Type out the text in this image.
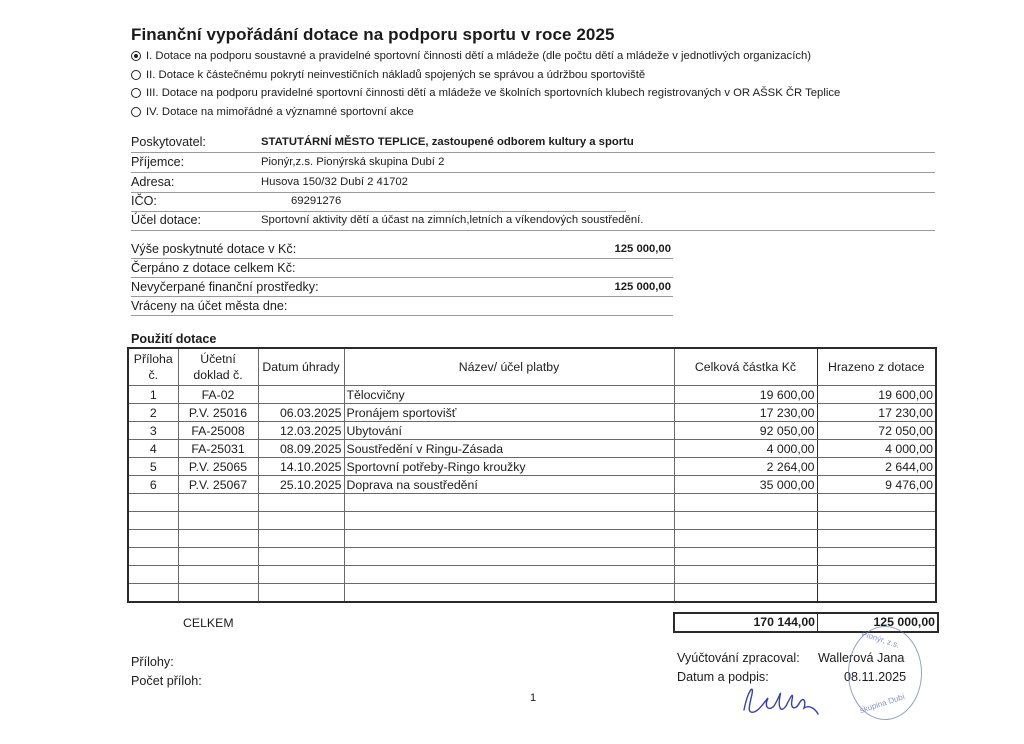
Finanční vypořádání dotace na podporu sportu v roce 2025
I. Dotace na podporu soustavné a pravidelné sportovní činnosti dětí a mládeže (dle počtu dětí a mládeže v jednotlivých organizacích)
II. Dotace k částečnému pokrytí neinvestičních nákladů spojených se správou a údržbou sportoviště
III. Dotace na podporu pravidelné sportovní činnosti dětí a mládeže ve školních sportovních klubech registrovaných v OR AŠSK ČR Teplice
IV. Dotace na mimořádné a významné sportovní akce
Poskytovatel:	STATUTÁRNÍ MĚSTO TEPLICE, zastoupené odborem kultury a sportu
Příjemce:	Pionýr,z.s. Pionýrská skupina Dubí 2
Adresa:	Husova 150/32 Dubí 2 41702
IČO:	69291276
Účel dotace:	Sportovní aktivity dětí a účast na zimních,letních a víkendových soustředění.
Výše poskytnuté dotace v Kč:	125 000,00
Čerpáno z dotace celkem Kč:
Nevyčerpané finanční prostředky:	125 000,00
Vráceny na účet města dne:
Použití dotace
Příloha č.	Účetní doklad č.	Datum úhrady	Název/ účel platby	Celková částka Kč	Hrazeno z dotace
1	FA-02		Tělocvičny	19 600,00	19 600,00
2	P.V. 25016	06.03.2025	Pronájem sportovišť	17 230,00	17 230,00
3	FA-25008	12.03.2025	Ubytování	92 050,00	72 050,00
4	FA-25031	08.09.2025	Soustředění v Ringu-Zásada	4 000,00	4 000,00
5	P.V. 25065	14.10.2025	Sportovní potřeby-Ringo kroužky	2 264,00	2 644,00
6	P.V. 25067	25.10.2025	Doprava na soustředění	35 000,00	9 476,00

CELKEM	170 144,00	125 000,00
Přílohy:
Počet příloh:
1
Vyúčtování zpracoval: Wallerová Jana
Datum a podpis:	08.11.2025
Pionýr, z.s.
skupina Dubí
